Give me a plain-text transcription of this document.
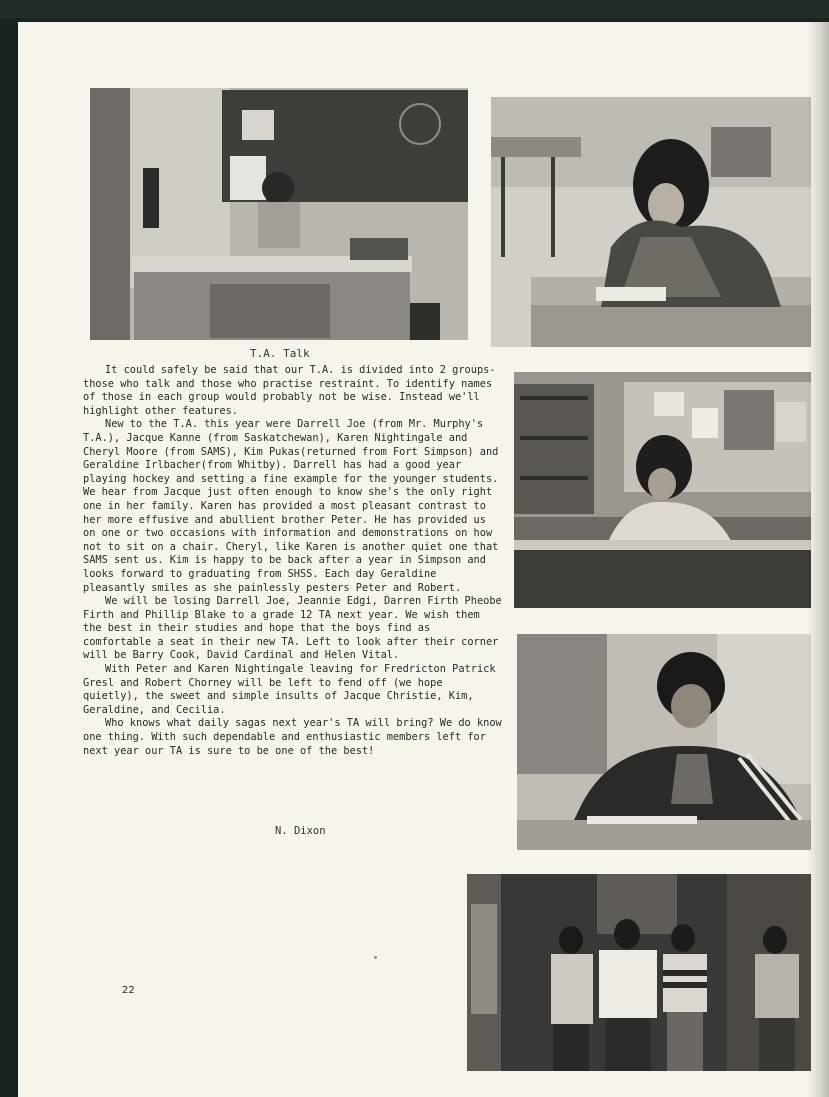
T.A. Talk

It could safely be said that our T.A. is divided into 2 groups-those who talk and those who practise restraint. To identify names of those in each group would probably not be wise. Instead we'll highlight other features.

New to the T.A. this year were Darrell Joe (from Mr. Murphy's T.A.), Jacque Kanne (from Saskatchewan), Karen Nightingale and Cheryl Moore (from SAMS), Kim Pukas(returned from Fort Simpson) and Geraldine Irlbacher(from Whitby). Darrell has had a good year playing hockey and setting a fine example for the younger students. We hear from Jacque just often enough to know she's the only right one in her family. Karen has provided a most pleasant contrast to her more effusive and abullient brother Peter. He has provided us on one or two occasions with information and demonstrations on how not to sit on a chair. Cheryl, like Karen is another quiet one that SAMS sent us. Kim is happy to be back after a year in Simpson and looks forward to graduating from SHSS. Each day Geraldine pleasantly smiles as she painlessly pesters Peter and Robert.

We will be losing Darrell Joe, Jeannie Edgi, Darren Firth Pheobe Firth and Phillip Blake to a grade 12 TA next year. We wish them the best in their studies and hope that the boys find as comfortable a seat in their new TA. Left to look after their corner will be Barry Cook, David Cardinal and Helen Vital.

With Peter and Karen Nightingale leaving for Fredricton Patrick Gresl and Robert Chorney will be left to fend off (we hope quietly), the sweet and simple insults of Jacque Christie, Kim, Geraldine, and Cecilia.

Who knows what daily sagas next year's TA will bring? We do know one thing. With such dependable and enthusiastic members left for next year our TA is sure to be one of the best!

N. Dixon
22
